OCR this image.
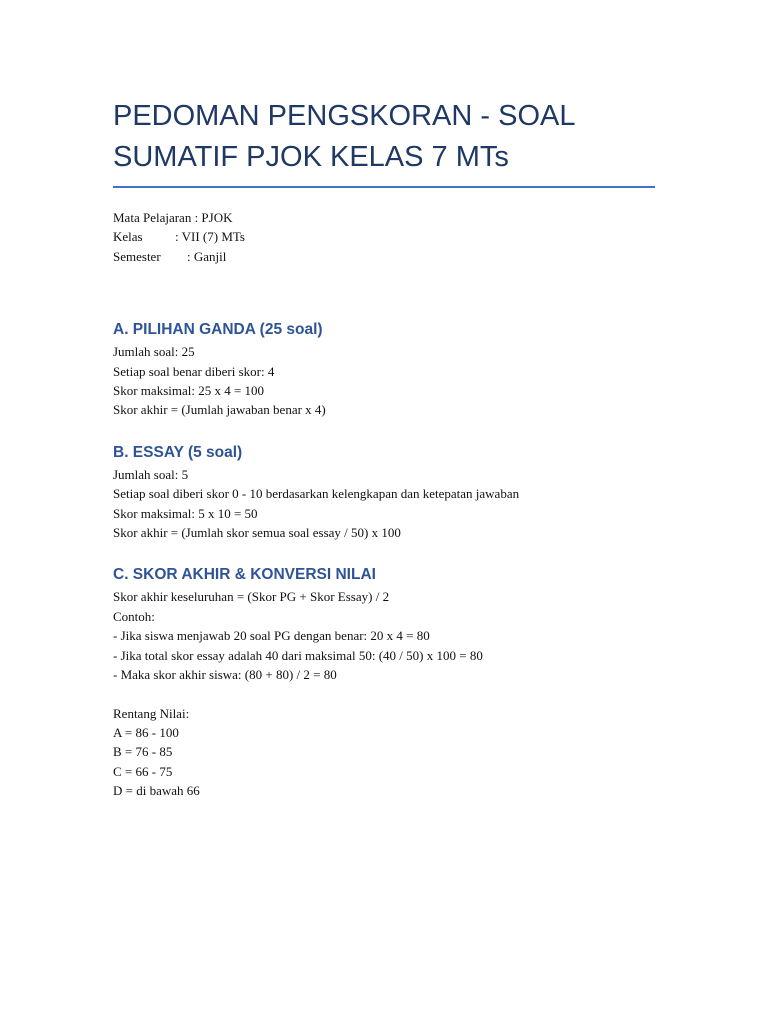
PEDOMAN PENGSKORAN - SOAL
SUMATIF PJOK KELAS 7 MTs
Mata Pelajaran : PJOK
Kelas	: VII (7) MTs
Semester	: Ganjil
A. PILIHAN GANDA (25 soal)
Jumlah soal: 25
Setiap soal benar diberi skor: 4
Skor maksimal: 25 x 4 = 100
Skor akhir = (Jumlah jawaban benar x 4)
B. ESSAY (5 soal)
Jumlah soal: 5
Setiap soal diberi skor 0 - 10 berdasarkan kelengkapan dan ketepatan jawaban
Skor maksimal: 5 x 10 = 50
Skor akhir = (Jumlah skor semua soal essay / 50) x 100
C. SKOR AKHIR & KONVERSI NILAI
Skor akhir keseluruhan = (Skor PG + Skor Essay) / 2
Contoh:
- Jika siswa menjawab 20 soal PG dengan benar: 20 x 4 = 80
- Jika total skor essay adalah 40 dari maksimal 50: (40 / 50) x 100 = 80
- Maka skor akhir siswa: (80 + 80) / 2 = 80
Rentang Nilai:
A = 86 - 100
B = 76 - 85
C = 66 - 75
D = di bawah 66
